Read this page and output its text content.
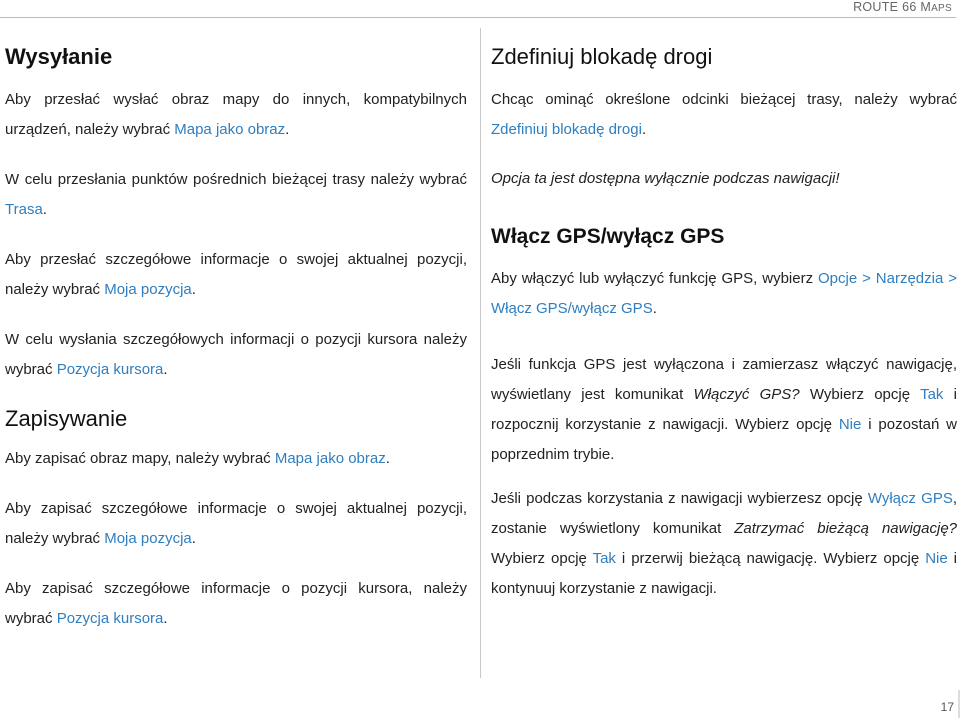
ROUTE 66 MAPS
Wysyłanie

Aby przesłać wysłać obraz mapy do innych, kompatybilnych urządzeń, należy wybrać Mapa jako obraz.

W celu przesłania punktów pośrednich bieżącej trasy należy wybrać Trasa.

Aby przesłać szczegółowe informacje o swojej aktualnej pozycji, należy wybrać Moja pozycja.

W celu wysłania szczegółowych informacji o pozycji kursora należy wybrać Pozycja kursora.

Zapisywanie

Aby zapisać obraz mapy, należy wybrać Mapa jako obraz.

Aby zapisać szczegółowe informacje o swojej aktualnej pozycji, należy wybrać Moja pozycja.

Aby zapisać szczegółowe informacje o pozycji kursora, należy wybrać Pozycja kursora.

Zdefiniuj blokadę drogi

Chcąc ominąć określone odcinki bieżącej trasy, należy wybrać Zdefiniuj blokadę drogi.

Opcja ta jest dostępna wyłącznie podczas nawigacji!

Włącz GPS/wyłącz GPS

Aby włączyć lub wyłączyć funkcję GPS, wybierz Opcje > Narzędzia > Włącz GPS/wyłącz GPS.

Jeśli funkcja GPS jest wyłączona i zamierzasz włączyć nawigację, wyświetlany jest komunikat Włączyć GPS? Wybierz opcję Tak i rozpocznij korzystanie z nawigacji. Wybierz opcję Nie i pozostań w poprzednim trybie.

Jeśli podczas korzystania z nawigacji wybierzesz opcję Wyłącz GPS, zostanie wyświetlony komunikat Zatrzymać bieżącą nawigację? Wybierz opcję Tak i przerwij bieżącą nawigację. Wybierz opcję Nie i kontynuuj korzystanie z nawigacji.

17
